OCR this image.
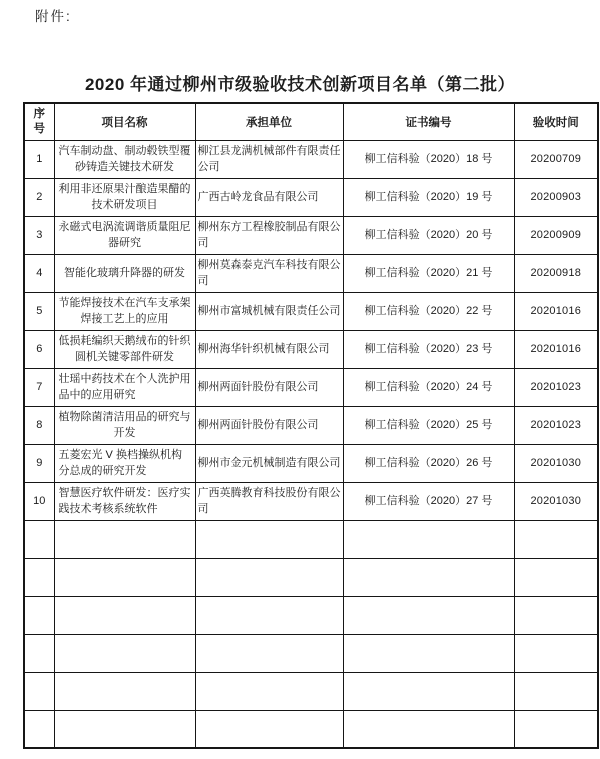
附件:
2020 年通过柳州市级验收技术创新项目名单（第二批）
序号	项目名称	承担单位	证书编号	验收时间
1	汽车制动盘、制动毂铁型覆砂铸造关键技术研发	柳江县龙满机械部件有限责任公司	柳工信科验（2020）18 号	20200709
2	利用非还原果汁酿造果醋的技术研发项目	广西古岭龙食品有限公司	柳工信科验（2020）19 号	20200903
3	永磁式电涡流调谐质量阻尼器研究	柳州东方工程橡胶制品有限公司	柳工信科验（2020）20 号	20200909
4	智能化玻璃升降器的研发	柳州莫森泰克汽车科技有限公司	柳工信科验（2020）21 号	20200918
5	节能焊接技术在汽车支承架焊接工艺上的应用	柳州市富城机械有限责任公司	柳工信科验（2020）22 号	20201016
6	低损耗编织天鹅绒布的针织圆机关键零部件研发	柳州海华针织机械有限公司	柳工信科验（2020）23 号	20201016
7	壮瑶中药技术在个人洗护用品中的应用研究	柳州两面针股份有限公司	柳工信科验（2020）24 号	20201023
8	植物除菌清洁用品的研究与开发	柳州两面针股份有限公司	柳工信科验（2020）25 号	20201023
9	五菱宏光 V 换档操纵机构分总成的研究开发	柳州市金元机械制造有限公司	柳工信科验（2020）26 号	20201030
10	智慧医疗软件研发：医疗实践技术考核系统软件	广西英腾教育科技股份有限公司	柳工信科验（2020）27 号	20201030
